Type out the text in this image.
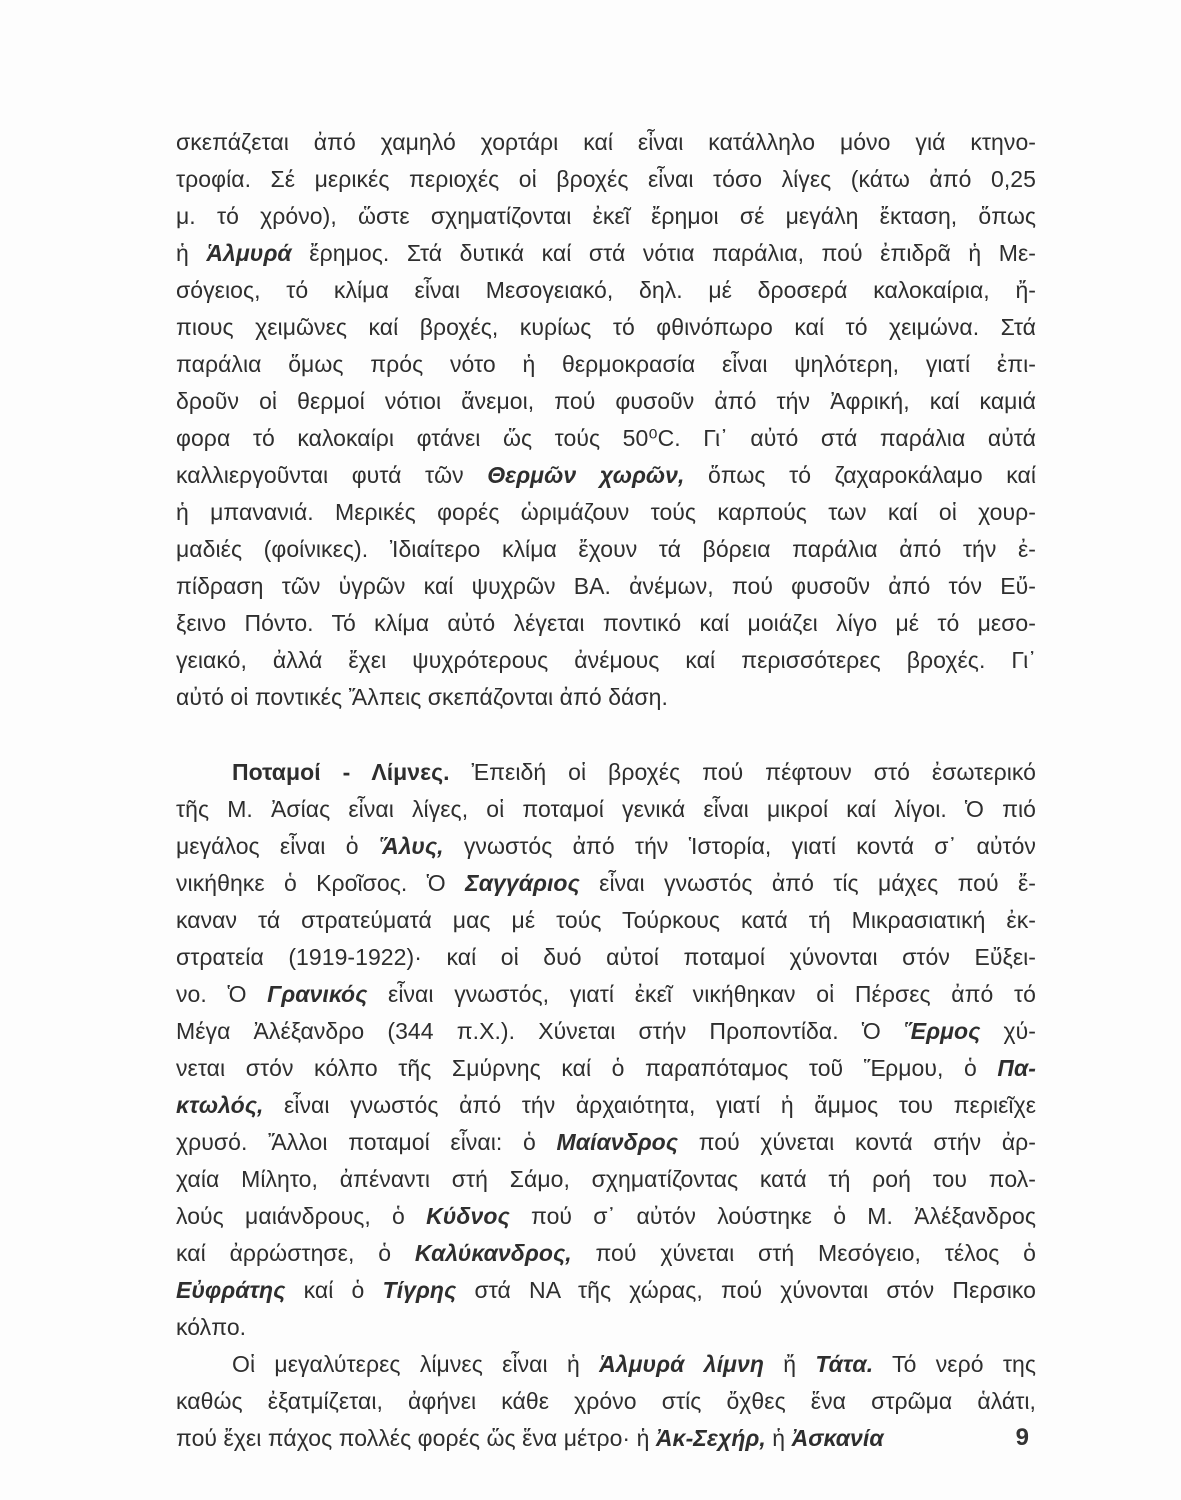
σκεπάζεται ἀπό χαμηλό χορτάρι καί εἶναι κατάλληλο μόνο γιά κτηνο-
τροφία. Σέ μερικές περιοχές οἱ βροχές εἶναι τόσο λίγες (κάτω ἀπό 0,25
μ. τό χρόνο), ὥστε σχηματίζονται ἐκεῖ ἔρημοι σέ μεγάλη ἔκταση, ὅπως
ἡ Ἁλμυρά ἔρημος. Στά δυτικά καί στά νότια παράλια, πού ἐπιδρᾶ ἡ Με-
σόγειος, τό κλίμα εἶναι Μεσογειακό, δηλ. μέ δροσερά καλοκαίρια, ἤ-
πιους χειμῶνες καί βροχές, κυρίως τό φθινόπωρο καί τό χειμώνα. Στά
παράλια ὅμως πρός νότο ἡ θερμοκρασία εἶναι ψηλότερη, γιατί ἐπι-
δροῦν οἱ θερμοί νότιοι ἄνεμοι, πού φυσοῦν ἀπό τήν Ἀφρική, καί καμιά
φορα τό καλοκαίρι φτάνει ὥς τούς 50⁰C. Γι᾽ αὐτό στά παράλια αὐτά
καλλιεργοῦνται φυτά τῶν Θερμῶν χωρῶν, ὅπως τό ζαχαροκάλαμο καί
ἡ μπανανιά. Μερικές φορές ὡριμάζουν τούς καρπούς των καί οἱ χουρ-
μαδιές (φοίνικες). Ἰδιαίτερο κλίμα ἔχουν τά βόρεια παράλια ἀπό τήν ἐ-
πίδραση τῶν ὑγρῶν καί ψυχρῶν ΒΑ. ἀνέμων, πού φυσοῦν ἀπό τόν Εὔ-
ξεινο Πόντο. Τό κλίμα αὐτό λέγεται ποντικό καί μοιάζει λίγο μέ τό μεσο-
γειακό, ἀλλά ἔχει ψυχρότερους ἀνέμους καί περισσότερες βροχές. Γι᾽
αὐτό οἱ ποντικές Ἄλπεις σκεπάζονται ἀπό δάση.
Ποταμοί - Λίμνες. Ἐπειδή οἱ βροχές πού πέφτουν στό ἐσωτερικό
τῆς Μ. Ἀσίας εἶναι λίγες, οἱ ποταμοί γενικά εἶναι μικροί καί λίγοι. Ὁ πιό
μεγάλος εἶναι ὁ Ἅλυς, γνωστός ἀπό τήν Ἱστορία, γιατί κοντά σ᾽ αὐτόν
νικήθηκε ὁ Κροῖσος. Ὁ Σαγγάριος εἶναι γνωστός ἀπό τίς μάχες πού ἔ-
καναν τά στρατεύματά μας μέ τούς Τούρκους κατά τή Μικρασιατική ἐκ-
στρατεία (1919-1922)· καί οἱ δυό αὐτοί ποταμοί χύνονται στόν Εὔξει-
νο. Ὁ Γρανικός εἶναι γνωστός, γιατί ἐκεῖ νικήθηκαν οἱ Πέρσες ἀπό τό
Μέγα Ἀλέξανδρο (344 π.Χ.). Χύνεται στήν Προποντίδα. Ὁ Ἕρμος χύ-
νεται στόν κόλπο τῆς Σμύρνης καί ὁ παραπόταμος τοῦ Ἕρμου, ὁ Πα-
κτωλός, εἶναι γνωστός ἀπό τήν ἀρχαιότητα, γιατί ἡ ἄμμος του περιεῖχε
χρυσό. Ἄλλοι ποταμοί εἶναι: ὁ Μαίανδρος πού χύνεται κοντά στήν ἀρ-
χαία Μίλητο, ἀπέναντι στή Σάμο, σχηματίζοντας κατά τή ροή του πολ-
λούς μαιάνδρους, ὁ Κύδνος πού σ᾽ αὐτόν λούστηκε ὁ Μ. Ἀλέξανδρος
καί ἀρρώστησε, ὁ Καλύκανδρος, πού χύνεται στή Μεσόγειο, τέλος ὁ
Εὐφράτης καί ὁ Τίγρης στά ΝΑ τῆς χώρας, πού χύνονται στόν Περσικο
κόλπο.
Οἱ μεγαλύτερες λίμνες εἶναι ἡ Ἁλμυρά λίμνη ἤ Τάτα. Τό νερό της
καθώς ἐξατμίζεται, ἀφήνει κάθε χρόνο στίς ὄχθες ἕνα στρῶμα ἁλάτι,
πού ἔχει πάχος πολλές φορές ὥς ἕνα μέτρο· ἡ Ἀκ-Σεχήρ, ἡ Ἀσκανία	9
